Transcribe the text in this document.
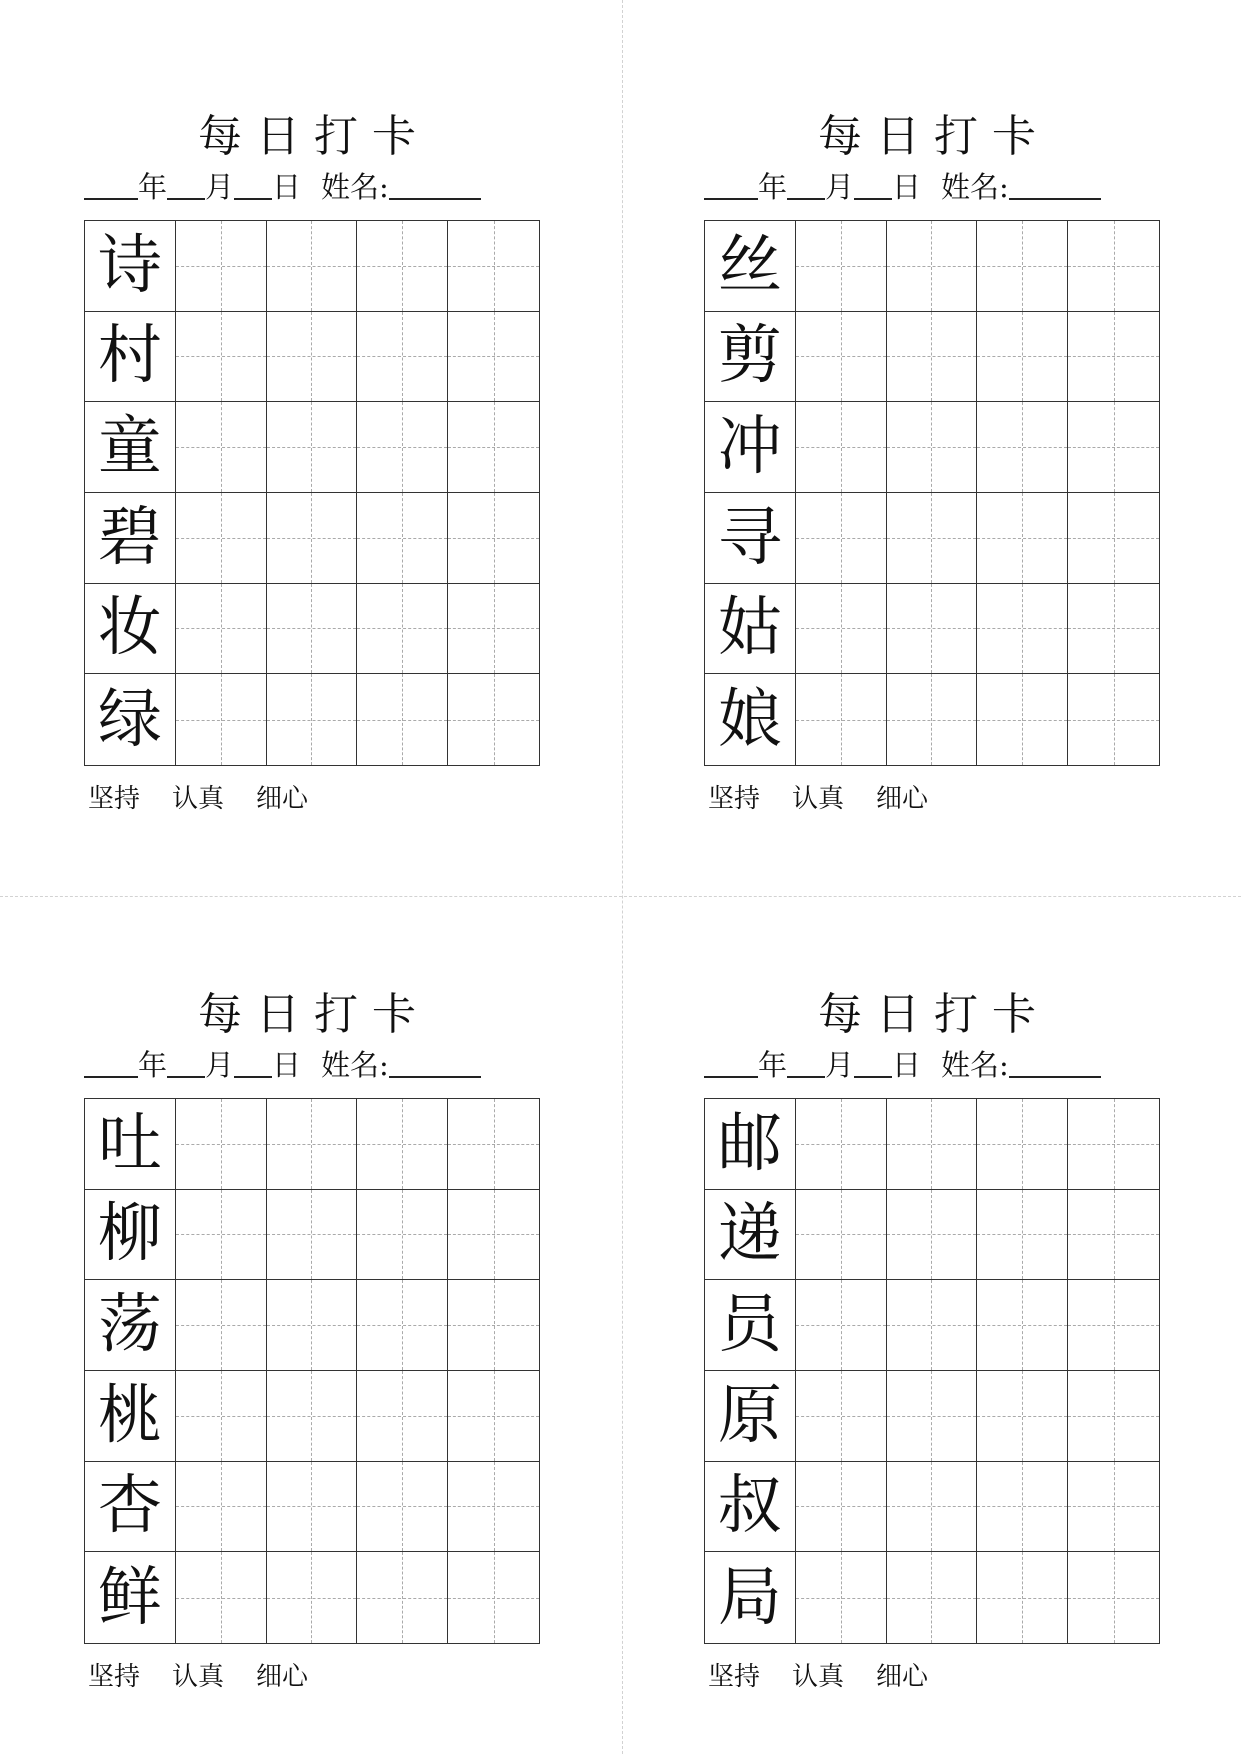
每日打卡
年 月 日 姓名:
诗
村
童
碧
妆
绿
坚持 认真 细心
每日打卡
年 月 日 姓名:
丝
剪
冲
寻
姑
娘
坚持 认真 细心
每日打卡
年 月 日 姓名:
吐
柳
荡
桃
杏
鲜
坚持 认真 细心
每日打卡
年 月 日 姓名:
邮
递
员
原
叔
局
坚持 认真 细心
